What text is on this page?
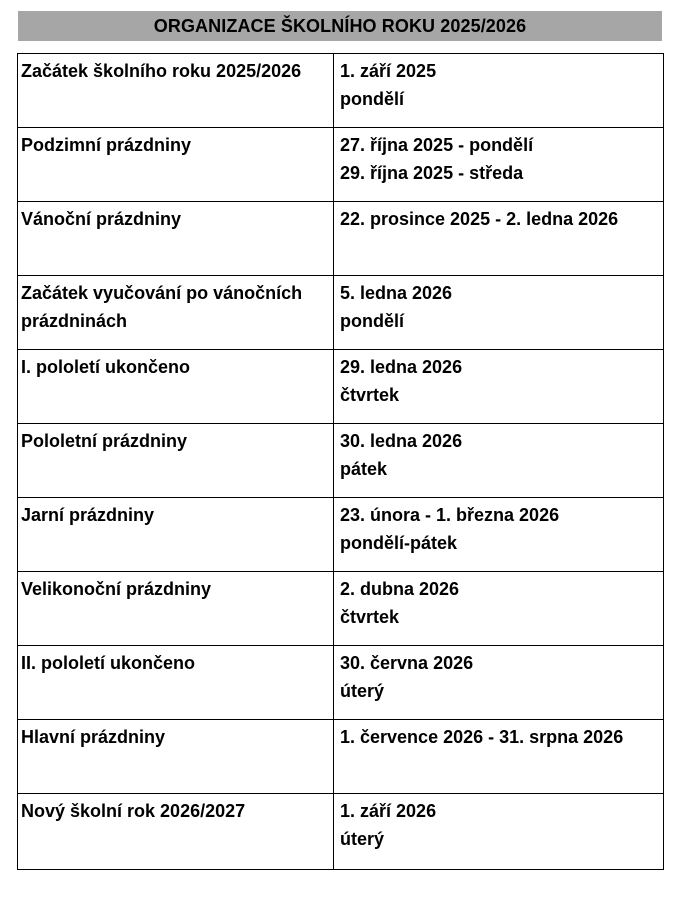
ORGANIZACE ŠKOLNÍHO ROKU 2025/2026
Začátek školního roku 2025/2026	1. září 2025
pondělí

Podzimní prázdniny	27. října 2025 - pondělí
29. října 2025 - středa

Vánoční prázdniny	22. prosince 2025 - 2. ledna 2026

Začátek vyučování po vánočních prázdninách	5. ledna 2026
pondělí

I. pololetí ukončeno	29. ledna 2026
čtvrtek

Pololetní prázdniny	30. ledna 2026
pátek

Jarní prázdniny	23. února - 1. března 2026
pondělí-pátek

Velikonoční prázdniny	2. dubna 2026
čtvrtek

II. pololetí ukončeno	30. června 2026
úterý

Hlavní prázdniny	1. července 2026 - 31. srpna 2026

Nový školní rok 2026/2027	1. září 2026
úterý
